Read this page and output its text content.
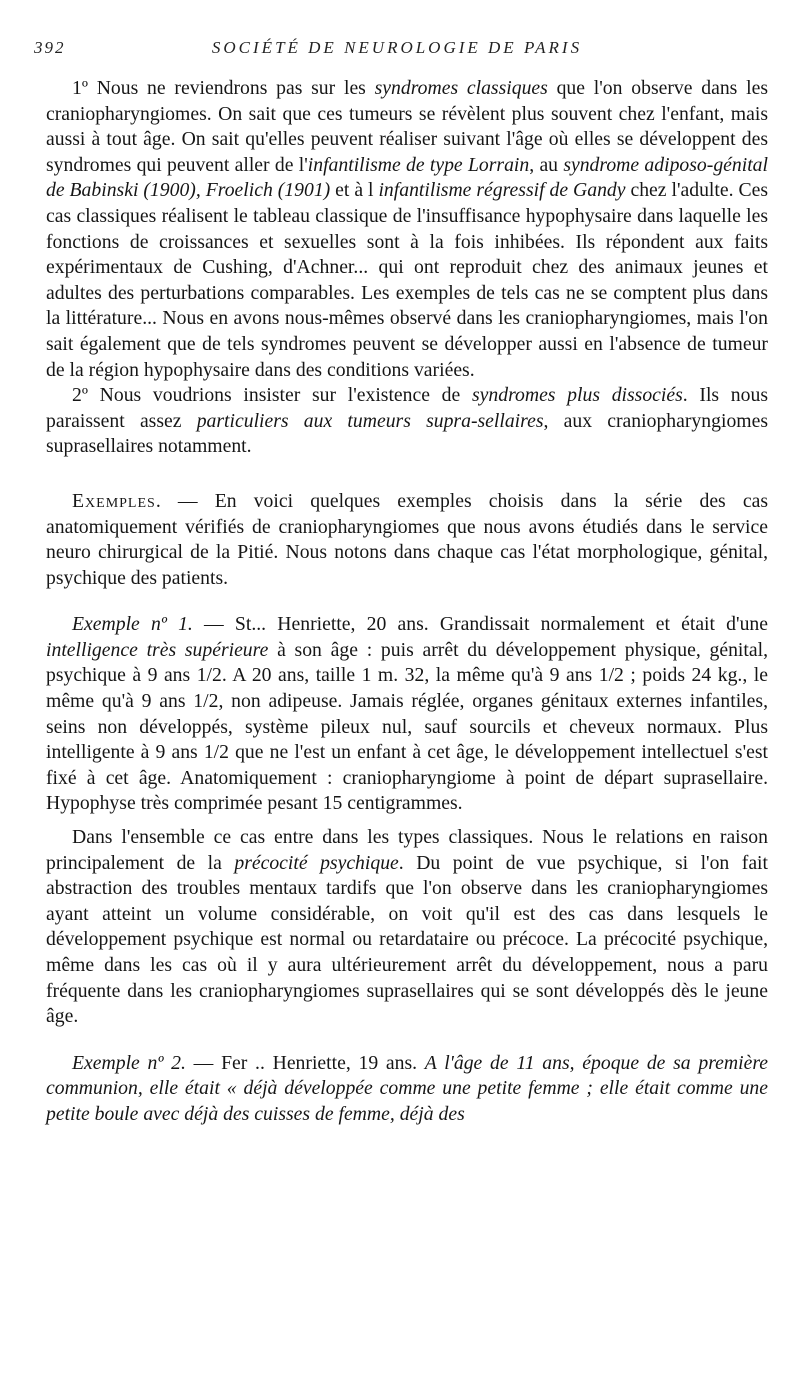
392	SOCIÉTÉ DE NEUROLOGIE DE PARIS

1º Nous ne reviendrons pas sur les syndromes classiques que l'on observe dans les craniopharyngiomes. On sait que ces tumeurs se révèlent plus souvent chez l'enfant, mais aussi à tout âge. On sait qu'elles peuvent réaliser suivant l'âge où elles se développent des syndromes qui peuvent aller de l'infantilisme de type Lorrain, au syndrome adiposo-génital de Babinski (1900), Froelich (1901) et à l infantilisme régressif de Gandy chez l'adulte. Ces cas classiques réalisent le tableau classique de l'insuffisance hypophysaire dans laquelle les fonctions de croissances et sexuelles sont à la fois inhibées. Ils répondent aux faits expérimentaux de Cushing, d'Achner... qui ont reproduit chez des animaux jeunes et adultes des perturbations comparables. Les exemples de tels cas ne se comptent plus dans la littérature... Nous en avons nous-mêmes observé dans les craniopharyngiomes, mais l'on sait également que de tels syndromes peuvent se développer aussi en l'absence de tumeur de la région hypophysaire dans des conditions variées.

2º Nous voudrions insister sur l'existence de syndromes plus dissociés. Ils nous paraissent assez particuliers aux tumeurs supra-sellaires, aux craniopharyngiomes suprasellaires notamment.

Exemples. — En voici quelques exemples choisis dans la série des cas anatomiquement vérifiés de craniopharyngiomes que nous avons étudiés dans le service neuro chirurgical de la Pitié. Nous notons dans chaque cas l'état morphologique, génital, psychique des patients.

Exemple nº 1. — St... Henriette, 20 ans. Grandissait normalement et était d'une intelligence très supérieure à son âge : puis arrêt du développement physique, génital, psychique à 9 ans 1/2. A 20 ans, taille 1 m. 32, la même qu'à 9 ans 1/2 ; poids 24 kg., le même qu'à 9 ans 1/2, non adipeuse. Jamais réglée, organes génitaux externes infantiles, seins non développés, système pileux nul, sauf sourcils et cheveux normaux. Plus intelligente à 9 ans 1/2 que ne l'est un enfant à cet âge, le développement intellectuel s'est fixé à cet âge. Anatomiquement : craniopharyngiome à point de départ suprasellaire. Hypophyse très comprimée pesant 15 centigrammes.

Dans l'ensemble ce cas entre dans les types classiques. Nous le relations en raison principalement de la précocité psychique. Du point de vue psychique, si l'on fait abstraction des troubles mentaux tardifs que l'on observe dans les craniopharyngiomes ayant atteint un volume considérable, on voit qu'il est des cas dans lesquels le développement psychique est normal ou retardataire ou précoce. La précocité psychique, même dans les cas où il y aura ultérieurement arrêt du développement, nous a paru fréquente dans les craniopharyngiomes suprasellaires qui se sont développés dès le jeune âge.

Exemple nº 2. — Fer .. Henriette, 19 ans. A l'âge de 11 ans, époque de sa première communion, elle était « déjà développée comme une petite femme ; elle était comme une petite boule avec déjà des cuisses de femme, déjà des
